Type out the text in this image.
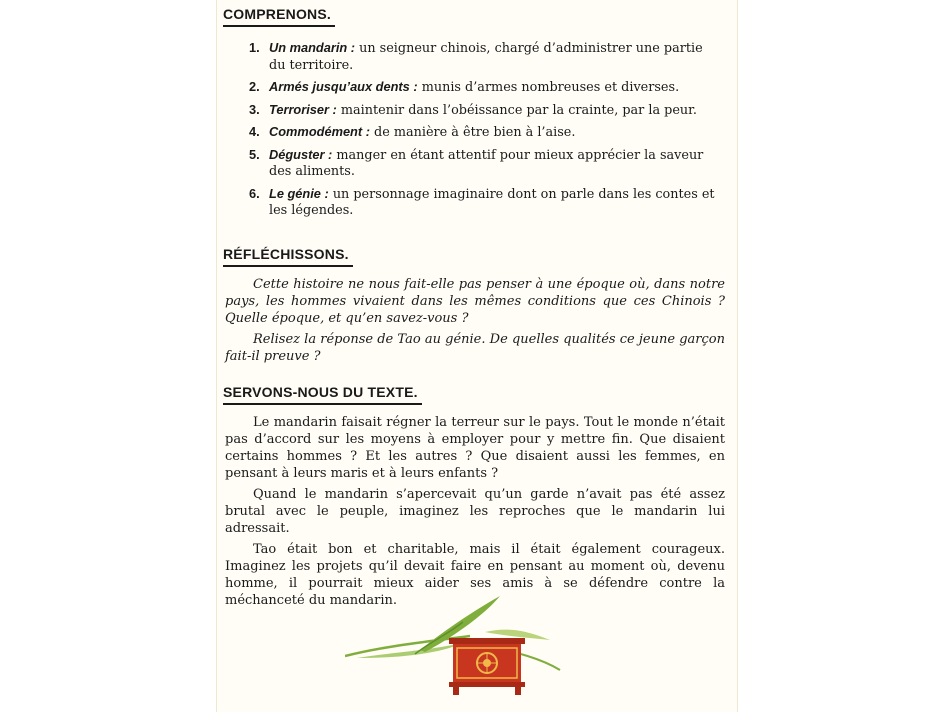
COMPRENONS.
1. Un mandarin : un seigneur chinois, chargé d’administrer une partie du territoire.
2. Armés jusqu’aux dents : munis d’armes nombreuses et diverses.
3. Terroriser : maintenir dans l’obéissance par la crainte, par la peur.
4. Commodément : de manière à être bien à l’aise.
5. Déguster : manger en étant attentif pour mieux apprécier la saveur des aliments.
6. Le génie : un personnage imaginaire dont on parle dans les contes et les légendes.
RÉFLÉCHISSONS.

Cette histoire ne nous fait-elle pas penser à une époque où, dans notre pays, les hommes vivaient dans les mêmes conditions que ces Chinois ? Quelle époque, et qu’en savez-vous ?

Relisez la réponse de Tao au génie. De quelles qualités ce jeune garçon fait-il preuve ?

SERVONS-NOUS DU TEXTE.

Le mandarin faisait régner la terreur sur le pays. Tout le monde n’était pas d’accord sur les moyens à employer pour y mettre fin. Que disaient certains hommes ? Et les autres ? Que disaient aussi les femmes, en pensant à leurs maris et à leurs enfants ?

Quand le mandarin s’apercevait qu’un garde n’avait pas été assez brutal avec le peuple, imaginez les reproches que le mandarin lui adressait.

Tao était bon et charitable, mais il était également courageux. Imaginez les projets qu’il devait faire en pensant au moment où, devenu homme, il pourrait mieux aider ses amis à se défendre contre la méchanceté du mandarin.
